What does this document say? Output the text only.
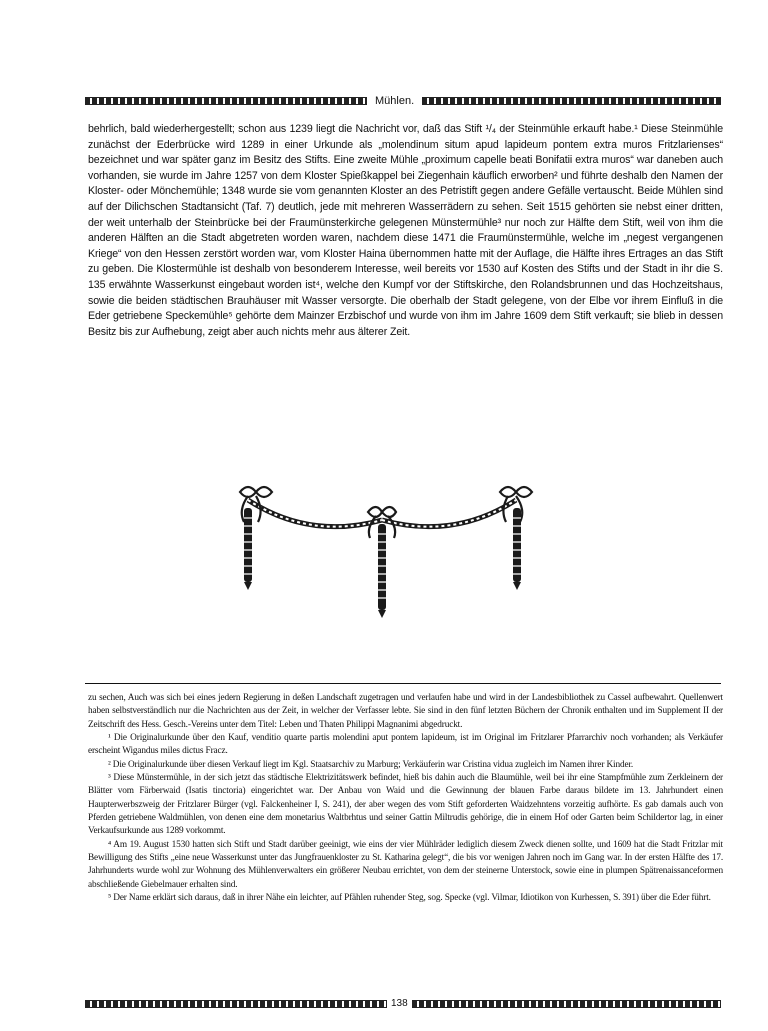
Mühlen.

behrlich, bald wiederhergestellt; schon aus 1239 liegt die Nachricht vor, daß das Stift ¹/₄ der Steinmühle erkauft habe.¹ Diese Steinmühle zunächst der Ederbrücke wird 1289 in einer Urkunde als „molendinum situm apud lapideum pontem extra muros Fritzlarienses“ bezeichnet und war später ganz im Besitz des Stifts. Eine zweite Mühle „proximum capelle beati Bonifatii extra muros“ war daneben auch vorhanden, sie wurde im Jahre 1257 von dem Kloster Spießkappel bei Ziegenhain käuflich erworben² und führte deshalb den Namen der Kloster- oder Mönchemühle; 1348 wurde sie vom genannten Kloster an des Petristift gegen andere Gefälle vertauscht. Beide Mühlen sind auf der Dilichschen Stadtansicht (Taf. 7) deutlich, jede mit mehreren Wasserrädern zu sehen. Seit 1515 gehörten sie nebst einer dritten, der weit unterhalb der Steinbrücke bei der Fraumünsterkirche gelegenen Münstermühle³ nur noch zur Hälfte dem Stift, weil von ihm die anderen Hälften an die Stadt abgetreten worden waren, nachdem diese 1471 die Fraumünstermühle, welche im „negest vergangenen Kriege“ von den Hessen zerstört worden war, vom Kloster Haina übernommen hatte mit der Auflage, die Hälfte ihres Ertrages an das Stift zu geben. Die Klostermühle ist deshalb von besonderem Interesse, weil bereits vor 1530 auf Kosten des Stifts und der Stadt in ihr die S. 135 erwähnte Wasserkunst eingebaut worden ist⁴, welche den Kumpf vor der Stiftskirche, den Rolandsbrunnen und das Hochzeitshaus, sowie die beiden städtischen Brauhäuser mit Wasser versorgte. Die oberhalb der Stadt gelegene, von der Elbe vor ihrem Einfluß in die Eder getriebene Speckemühle⁵ gehörte dem Mainzer Erzbischof und wurde von ihm im Jahre 1609 dem Stift verkauft; sie blieb in dessen Besitz bis zur Aufhebung, zeigt aber auch nichts mehr aus älterer Zeit.

zu sechen, Auch was sich bei eines jedern Regierung in deßen Landschaft zugetragen und verlaufen habe und wird in der Landesbibliothek zu Cassel aufbewahrt. Quellenwert haben selbstverständlich nur die Nachrichten aus der Zeit, in welcher der Verfasser lebte. Sie sind in den fünf letzten Büchern der Chronik enthalten und im Supplement II der Zeitschrift des Hess. Gesch.-Vereins unter dem Titel: Leben und Thaten Philippi Magnanimi abgedruckt.

¹ Die Originalurkunde über den Kauf, venditio quarte partis molendini aput pontem lapideum, ist im Original im Fritzlarer Pfarrarchiv noch vorhanden; als Verkäufer erscheint Wigandus miles dictus Fracz.

² Die Originalurkunde über diesen Verkauf liegt im Kgl. Staatsarchiv zu Marburg; Verkäuferin war Cristina vidua zugleich im Namen ihrer Kinder.

³ Diese Münstermühle, in der sich jetzt das städtische Elektrizitätswerk befindet, hieß bis dahin auch die Blaumühle, weil bei ihr eine Stampfmühle zum Zerkleinern der Blätter vom Färberwaid (Isatis tinctoria) eingerichtet war. Der Anbau von Waid und die Gewinnung der blauen Farbe daraus bildete im 13. Jahrhundert einen Haupterwerbszweig der Fritzlarer Bürger (vgl. Falckenheiner I, S. 241), der aber wegen des vom Stift geforderten Waidzehntens vorzeitig aufhörte. Es gab damals auch von Pferden getriebene Waldmühlen, von denen eine dem monetarius Waltbrhtus und seiner Gattin Miltrudis gehörige, die in einem Hof oder Garten beim Schildertor lag, in einer Verkaufsurkunde aus 1289 vorkommt.

⁴ Am 19. August 1530 hatten sich Stift und Stadt darüber geeinigt, wie eins der vier Mühlräder lediglich diesem Zweck dienen sollte, und 1609 hat die Stadt Fritzlar mit Bewilligung des Stifts „eine neue Wasserkunst unter das Jungfrauenkloster zu St. Katharina gelegt“, die bis vor wenigen Jahren noch im Gang war. In der ersten Hälfte des 17. Jahrhunderts wurde wohl zur Wohnung des Mühlenverwalters ein größerer Neubau errichtet, von dem der steinerne Unterstock, sowie eine in plumpen Spätrenaissanceformen abschließende Giebelmauer erhalten sind.

⁵ Der Name erklärt sich daraus, daß in ihrer Nähe ein leichter, auf Pfählen ruhender Steg, sog. Specke (vgl. Vilmar, Idiotikon von Kurhessen, S. 391) über die Eder führt.

138
